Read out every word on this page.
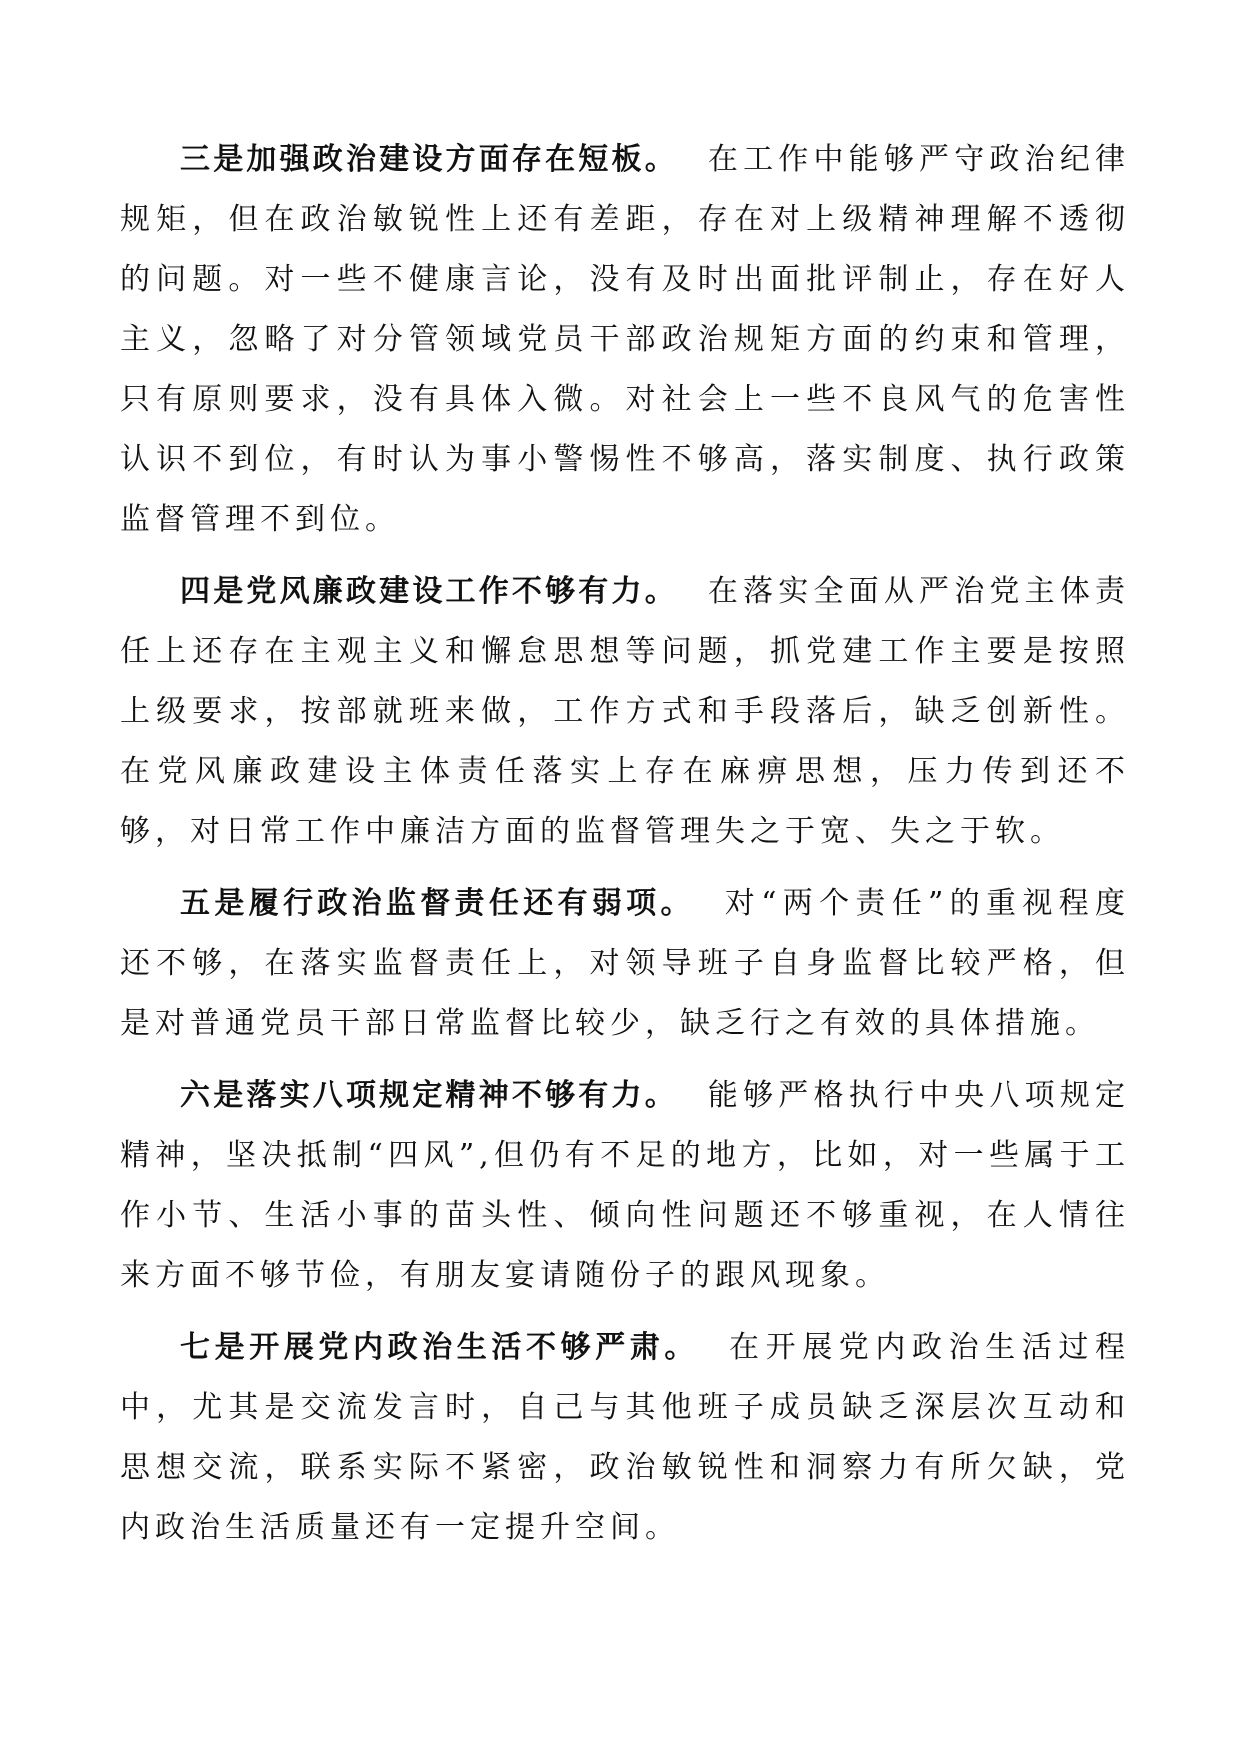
三是加强政治建设方面存在短板。 在工作中能够严守政治纪律规矩，但在政治敏锐性上还有差距，存在对上级精神理解不透彻的问题。对一些不健康言论，没有及时出面批评制止，存在好人主义，忽略了对分管领域党员干部政治规矩方面的约束和管理，只有原则要求，没有具体入微。对社会上一些不良风气的危害性认识不到位，有时认为事小警惕性不够高，落实制度、执行政策监督管理不到位。

四是党风廉政建设工作不够有力。 在落实全面从严治党主体责任上还存在主观主义和懈怠思想等问题，抓党建工作主要是按照上级要求，按部就班来做，工作方式和手段落后，缺乏创新性。在党风廉政建设主体责任落实上存在麻痹思想，压力传到还不够，对日常工作中廉洁方面的监督管理失之于宽、失之于软。

五是履行政治监督责任还有弱项。 对“两个责任”的重视程度还不够，在落实监督责任上，对领导班子自身监督比较严格，但是对普通党员干部日常监督比较少，缺乏行之有效的具体措施。

六是落实八项规定精神不够有力。 能够严格执行中央八项规定精神，坚决抵制“四风”,但仍有不足的地方，比如，对一些属于工作小节、生活小事的苗头性、倾向性问题还不够重视，在人情往来方面不够节俭，有朋友宴请随份子的跟风现象。

七是开展党内政治生活不够严肃。 在开展党内政治生活过程中，尤其是交流发言时，自己与其他班子成员缺乏深层次互动和思想交流，联系实际不紧密，政治敏锐性和洞察力有所欠缺，党内政治生活质量还有一定提升空间。
